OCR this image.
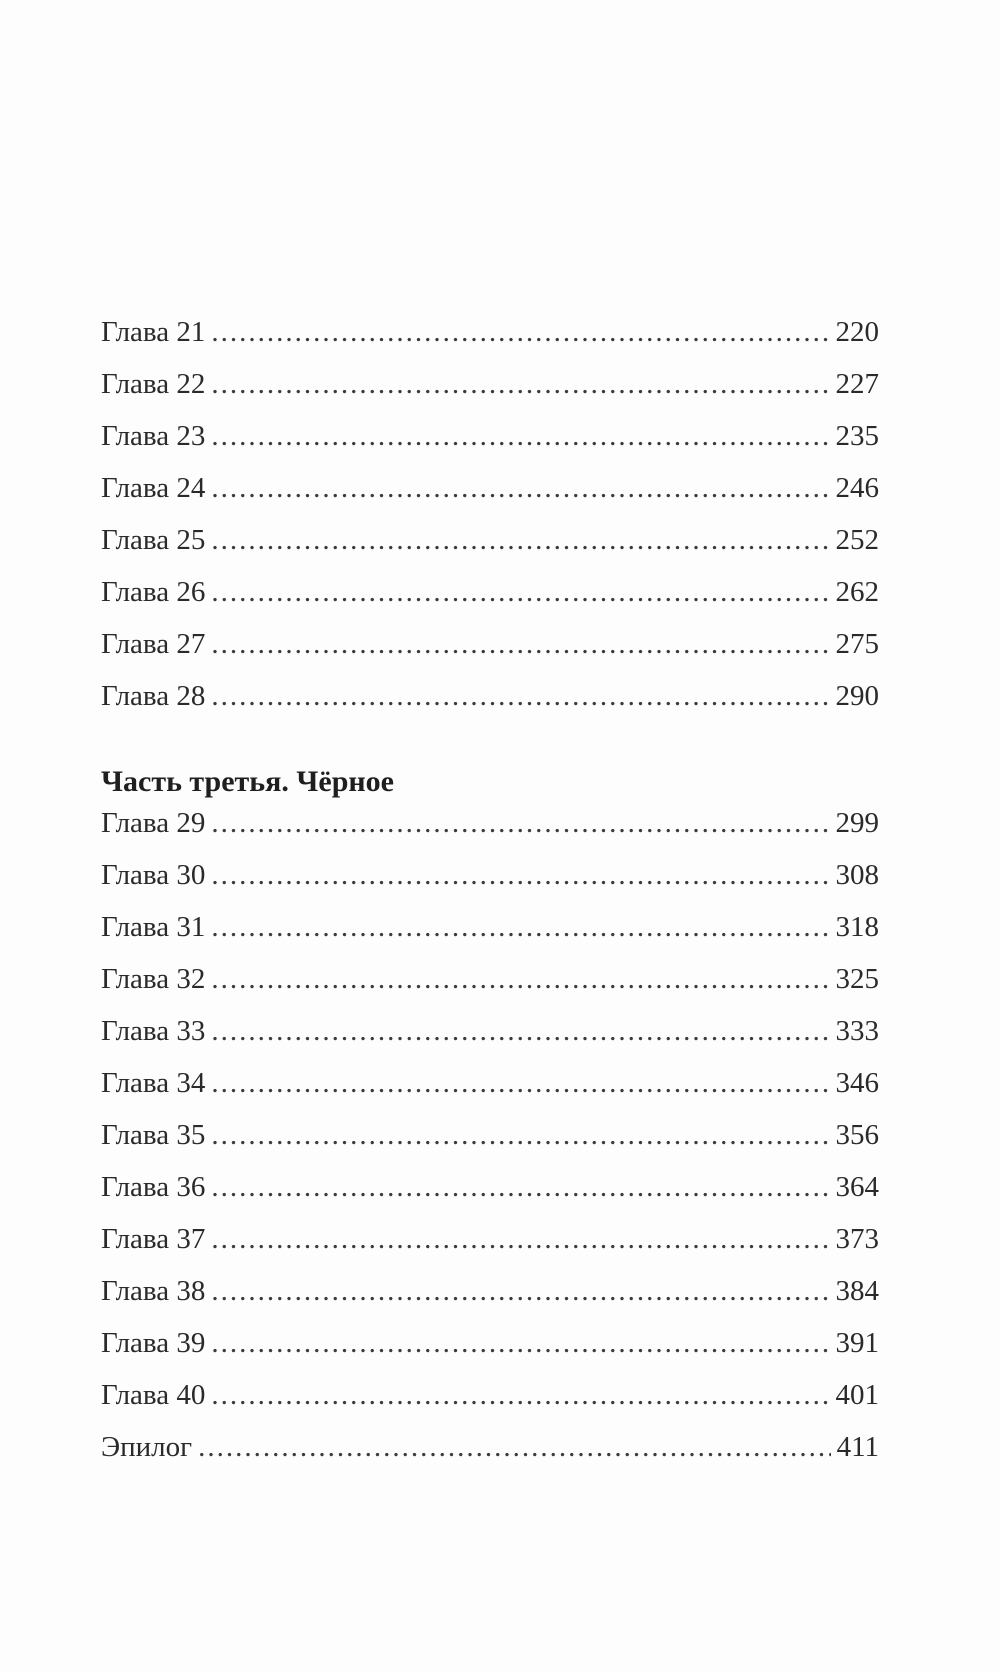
Глава 21 .....	220
Глава 22 .....	227
Глава 23 .....	235
Глава 24 .....	246
Глава 25 .....	252
Глава 26 .....	262
Глава 27 .....	275
Глава 28 .....	290
Часть третья. Чёрное
Глава 29 .....	299
Глава 30 .....	308
Глава 31 .....	318
Глава 32 .....	325
Глава 33 .....	333
Глава 34 .....	346
Глава 35 .....	356
Глава 36 .....	364
Глава 37 .....	373
Глава 38 .....	384
Глава 39 .....	391
Глава 40 .....	401
Эпилог .....	411
